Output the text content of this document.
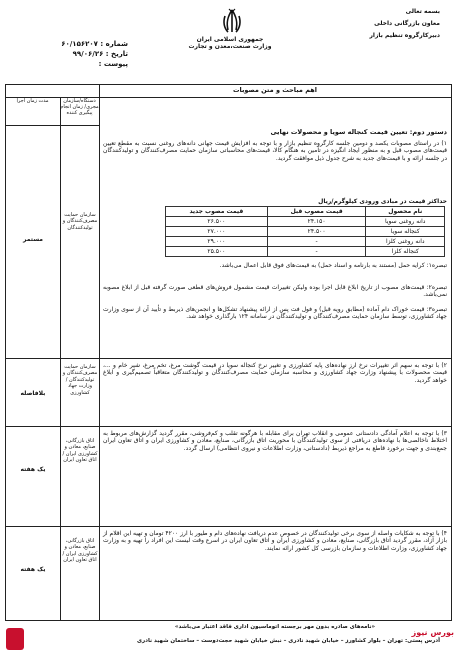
شماره : ۶۰/۱۵۶۲۰۷
تاریخ : ۹۹/۰۶/۲۶
پیوست :
جمهوری اسلامی ایران
وزارت صنعت،معدن و تجارت
بسمه تعالی
معاون بازرگانی داخلی
دبیرکارگروه تنظیم بازار
اهم مباحث و متن مصوبات
دستگاه/سازمان مجری/ زمان انجام پیگیری کننده
مدت زمان اجرا
دستور دوم: تعیین قیمت کنجاله سویا و محصولات نهایی
۱) در راستای مصوبات یکصد و دومین جلسه کارگروه تنظیم بازار و با توجه به افزایش قیمت جهانی دانه‌های روغنی نسبت به مقطع تعیین قیمت‌های مصوب قبل و به منظور ایجاد انگیزه در تأمین به هنگام کالا، قیمت‌های محاسباتی سازمان حمایت مصرف‌کنندگان و تولیدکنندگان در جلسه ارائه و با قیمت‌های جدید به شرح جدول ذیل موافقت گردید.
حداکثر قیمت در مبادی ورودی کیلوگرم/ریال
نام محصول	قیمت مصوب قبل	قیمت مصوب جدید
دانه روغنی سویا	۲۴.۱۵۰	۲۶.۵۰۰
کنجاله سویا	۲۴.۵۰۰	۲۷.۰۰۰
دانه روغنی کلزا	-	۲۹.۰۰۰
کنجاله کلزا	-	۲۵.۵۰۰
تبصره۱: کرایه حمل (مستند به بارنامه و اسناد حمل) به قیمت‌های فوق قابل اعمال می‌باشد.
تبصره۲: قیمت‌های مصوب از تاریخ ابلاغ قابل اجرا بوده ولیکن تغییرات قیمت مشمول فروش‌های قطعی صورت گرفته قبل از ابلاغ مصوبه نمی‌باشد.
تبصره۳: قیمت خوراک دام آماده (مطابق رویه قبل) و فول فت پس از ارائه پیشنهاد تشکل‌ها و انجمن‌های ذیربط و تأیید آن از سوی وزارت جهاد کشاورزی، توسط سازمان حمایت مصرف‌کنندگان و تولیدکنندگان در سامانه ۱۲۴ بارگذاری خواهد شد.
سازمان حمایت مصرف‌کنندگان و تولیدکنندگان
مستمر
۲) با توجه به سهم اثر تغییرات نرخ ارز نهاده‌های پایه کشاورزی و تغییر نرخ کنجاله سویا در قیمت گوشت مرغ، تخم مرغ، شیر خام و ...، قیمت محصولات با پیشنهاد وزارت جهاد کشاورزی و محاسبه سازمان حمایت مصرف‌کنندگان و تولیدکنندگان متعاقباً تصمیم‌گیری و ابلاغ خواهد گردید.
سازمان حمایت مصرف‌کنندگان و تولیدکنندگان / وزارت جهاد کشاورزی
بلافاصله
۳) با توجه به اعلام آمادگی دادستانی عمومی و انقلاب تهران برای مقابله با هرگونه تقلب و کم‌فروشی، مقرر گردید گزارش‌های مربوط به اختلاط ناخالصی‌ها با نهاده‌های دریافتی از سوی تولیدکنندگان با محوریت اتاق بازرگانی، صنایع، معادن و کشاورزی ایران و اتاق تعاون ایران جمع‌بندی و جهت برخورد قاطع به مراجع ذیربط (دادستانی، وزارت اطلاعات و نیروی انتظامی) ارسال گردد.
اتاق بازرگانی، صنایع، معادن و کشاورزی ایران / اتاق تعاون ایران
یک هفته
۴) با توجه به شکایات واصله از سوی برخی تولیدکنندگان در خصوص عدم دریافت نهاده‌های دام و طیور با ارز ۴۲۰۰ تومان و تهیه این اقلام از بازار آزاد، مقرر گردید اتاق بازرگانی، صنایع، معادن و کشاورزی ایران و اتاق تعاون ایران در اسرع وقت لیست این افراد را تهیه و به وزارت جهاد کشاورزی، وزارت اطلاعات و سازمان بازرسی کل کشور ارائه نمایند.
اتاق بازرگانی، صنایع، معادن و کشاورزی ایران / اتاق تعاون ایران
یک هفته
«نامه‌های صادره بدون مهر برجسته اتوماسیون اداری فاقد اعتبار می‌باشد»
آدرس پستی: تهران – بلوار کشاورز – خیابان شهید نادری – نبش خیابان شهید حجت‌دوست – ساختمان شهید نادری
بورس نیوز
